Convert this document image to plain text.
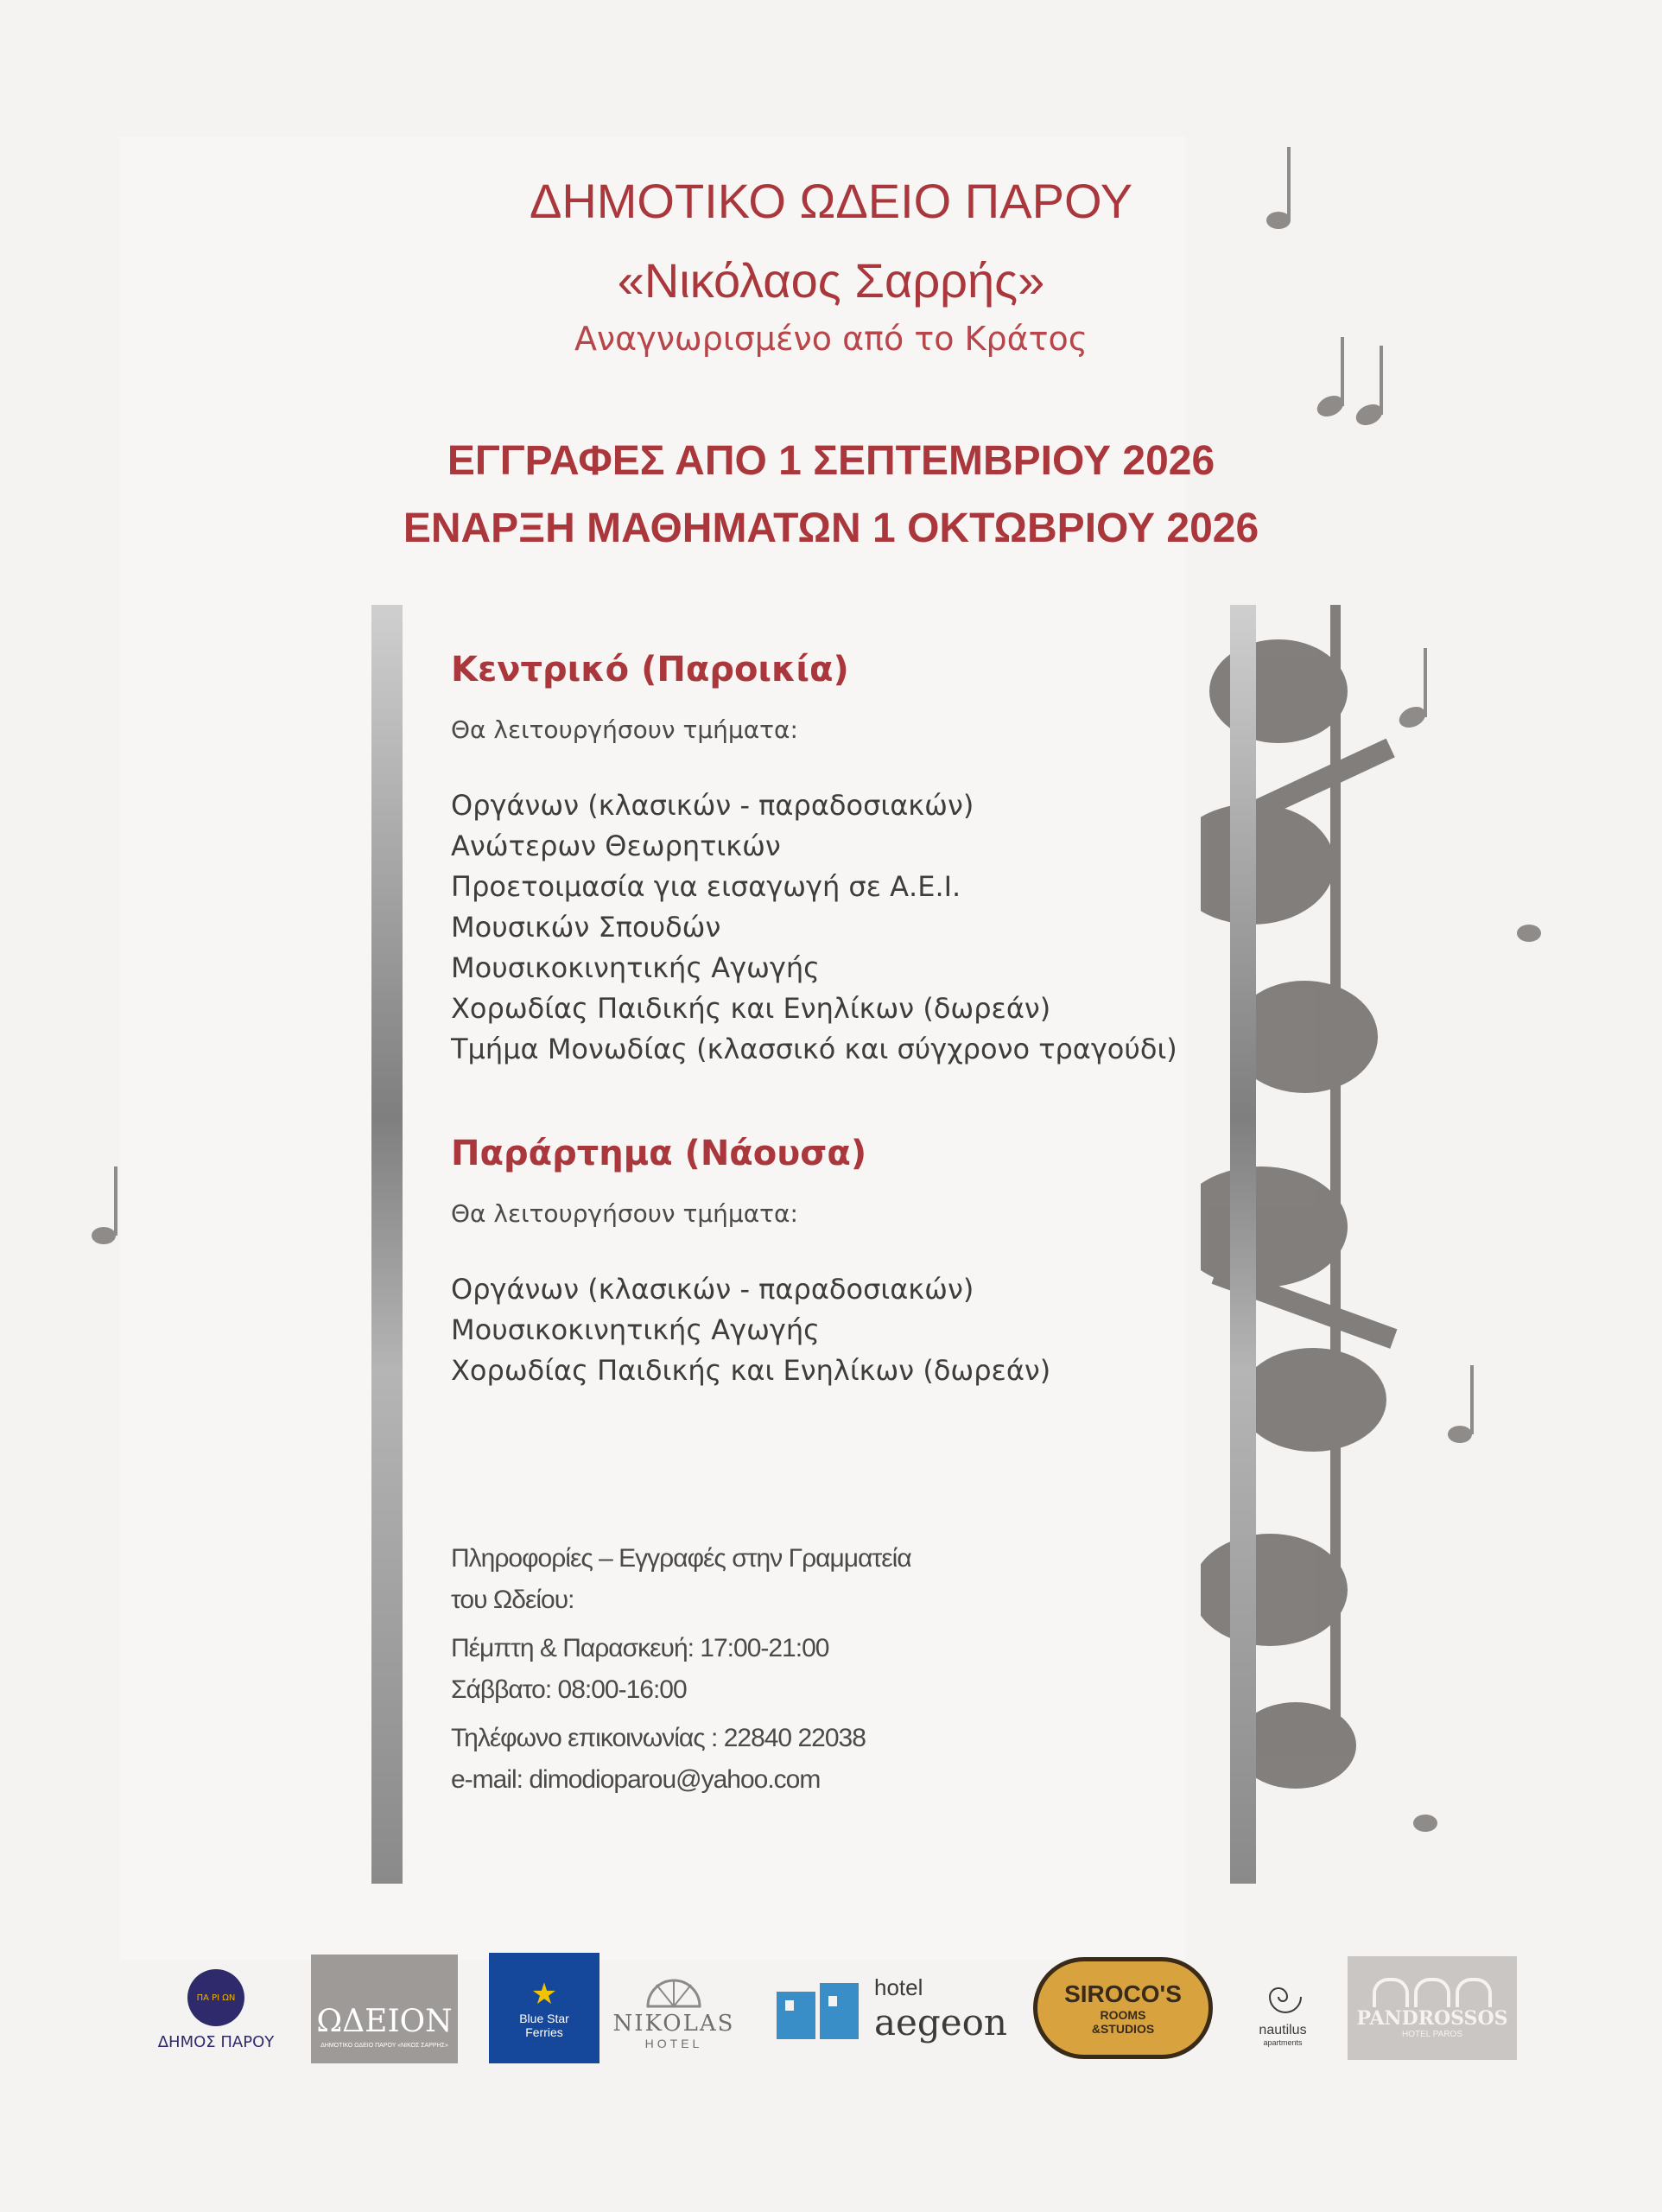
ΔΗΜΟΤΙΚΟ ΩΔΕΙΟ ΠΑΡΟΥ
«Νικόλαος Σαρρής»
Αναγνωρισμένο από το Κράτος
ΕΓΓΡΑΦΕΣ ΑΠΟ 1 ΣΕΠΤΕΜΒΡΙΟΥ 2026
ΕΝΑΡΞΗ ΜΑΘΗΜΑΤΩΝ 1 ΟΚΤΩΒΡΙΟΥ 2026
Κεντρικό (Παροικία)
Θα λειτουργήσουν τμήματα:
Οργάνων (κλασικών - παραδοσιακών)
Ανώτερων Θεωρητικών
Προετοιμασία για εισαγωγή σε Α.Ε.Ι.
Μουσικών Σπουδών
Μουσικοκινητικής Αγωγής
Χορωδίας Παιδικής και Ενηλίκων (δωρεάν)
Τμήμα Μονωδίας (κλασσικό και σύγχρονο τραγούδι)
Παράρτημα (Νάουσα)
Θα λειτουργήσουν τμήματα:
Οργάνων (κλασικών - παραδοσιακών)
Μουσικοκινητικής Αγωγής
Χορωδίας Παιδικής και Ενηλίκων (δωρεάν)
Πληροφορίες – Εγγραφές στην Γραμματεία
του Ωδείου:
Πέμπτη & Παρασκευή: 17:00-21:00
Σάββατο: 08:00-16:00
Τηλέφωνο επικοινωνίας : 22840 22038
e-mail: dimodioparou@yahoo.com
ΠΑ ΡΙ ΩΝ
ΔΗΜΟΣ ΠΑΡΟΥ
ΩΔΕΙΟΝ
ΔΗΜΟΤΙΚΟ ΩΔΕΙΟ ΠΑΡΟΥ «ΝΙΚΟΣ ΣΑΡΡΗΣ»
★
Blue Star
Ferries NIKOLAS
HOTEL
hotel
aegeon
SIROCO'S
ROOMS
&STUDIOS	nautilus
apartments
PANDROSSOS
HOTEL PAROS
